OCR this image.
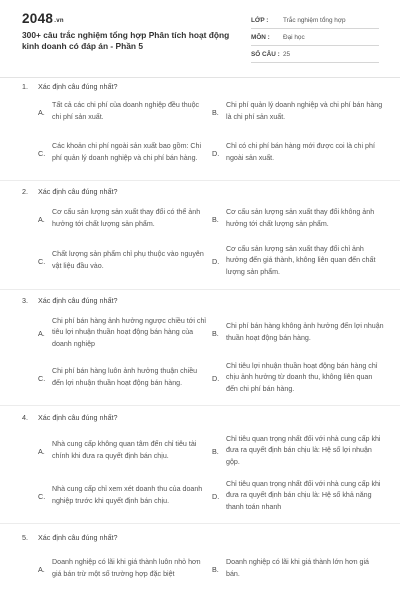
2048.vn
300+ câu trắc nghiệm tổng hợp Phân tích hoạt động kinh doanh có đáp án - Phần 5
LỚP :	Trắc nghiệm tổng hợp
MÔN :	Đại học
SỐ CÂU : 25
1. Xác định câu đúng nhất?
A.
Tất cả các chi phí của doanh nghiệp đều thuộc chi phí sản xuất.
B.
Chi phí quản lý doanh nghiệp và chi phí bán hàng là chi phí sản xuất.
C.
Các khoản chi phí ngoài sản xuất bao gồm: Chi phí quản lý doanh nghiệp và chi phí bán hàng.
D.
Chỉ có chi phí bán hàng mới được coi là chi phí ngoài sản xuất.
2. Xác định câu đúng nhất?
A.
Cơ cấu sản lượng sản xuất thay đổi có thể ảnh hưởng tới chất lượng sản phẩm.
B.
Cơ cấu sản lượng sản xuất thay đổi không ảnh hưởng tới chất lượng sản phẩm.
C.
Chất lượng sản phẩm chỉ phụ thuộc vào nguyên vật liệu đầu vào.
D.
Cơ cấu sản lượng sản xuất thay đổi chỉ ảnh hưởng đến giá thành, không liên quan đến chất lượng sản phẩm.
3. Xác định câu đúng nhất?
A.
Chi phí bán hàng ảnh hưởng ngược chiều tới chỉ tiêu lợi nhuận thuần hoạt động bán hàng của doanh nghiệp
B.
Chi phí bán hàng không ảnh hưởng đến lợi nhuận thuần hoạt động bán hàng.
C.
Chi phí bán hàng luôn ảnh hưởng thuận chiều đến lợi nhuận thuần hoạt động bán hàng.
D.
Chỉ tiêu lợi nhuận thuần hoạt động bán hàng chỉ chịu ảnh hưởng từ doanh thu, không liên quan đến chi phí bán hàng.
4. Xác định câu đúng nhất?
A.
Nhà cung cấp không quan tâm đến chỉ tiêu tài chính khi đưa ra quyết định bán chịu.
B.
Chỉ tiêu quan trọng nhất đối với nhà cung cấp khi đưa ra quyết định bán chịu là: Hệ số lợi nhuận gộp.
C.
Nhà cung cấp chỉ xem xét doanh thu của doanh nghiệp trước khi quyết định bán chịu.
D.
Chỉ tiêu quan trọng nhất đối với nhà cung cấp khi đưa ra quyết định bán chịu là: Hệ số khả năng thanh toán nhanh
5. Xác định câu đúng nhất?
A.
Doanh nghiệp có lãi khi giá thành luôn nhỏ hơn giá bán trừ một số trường hợp đặc biệt
B.
Doanh nghiệp có lãi khi giá thành lớn hơn giá bán.
